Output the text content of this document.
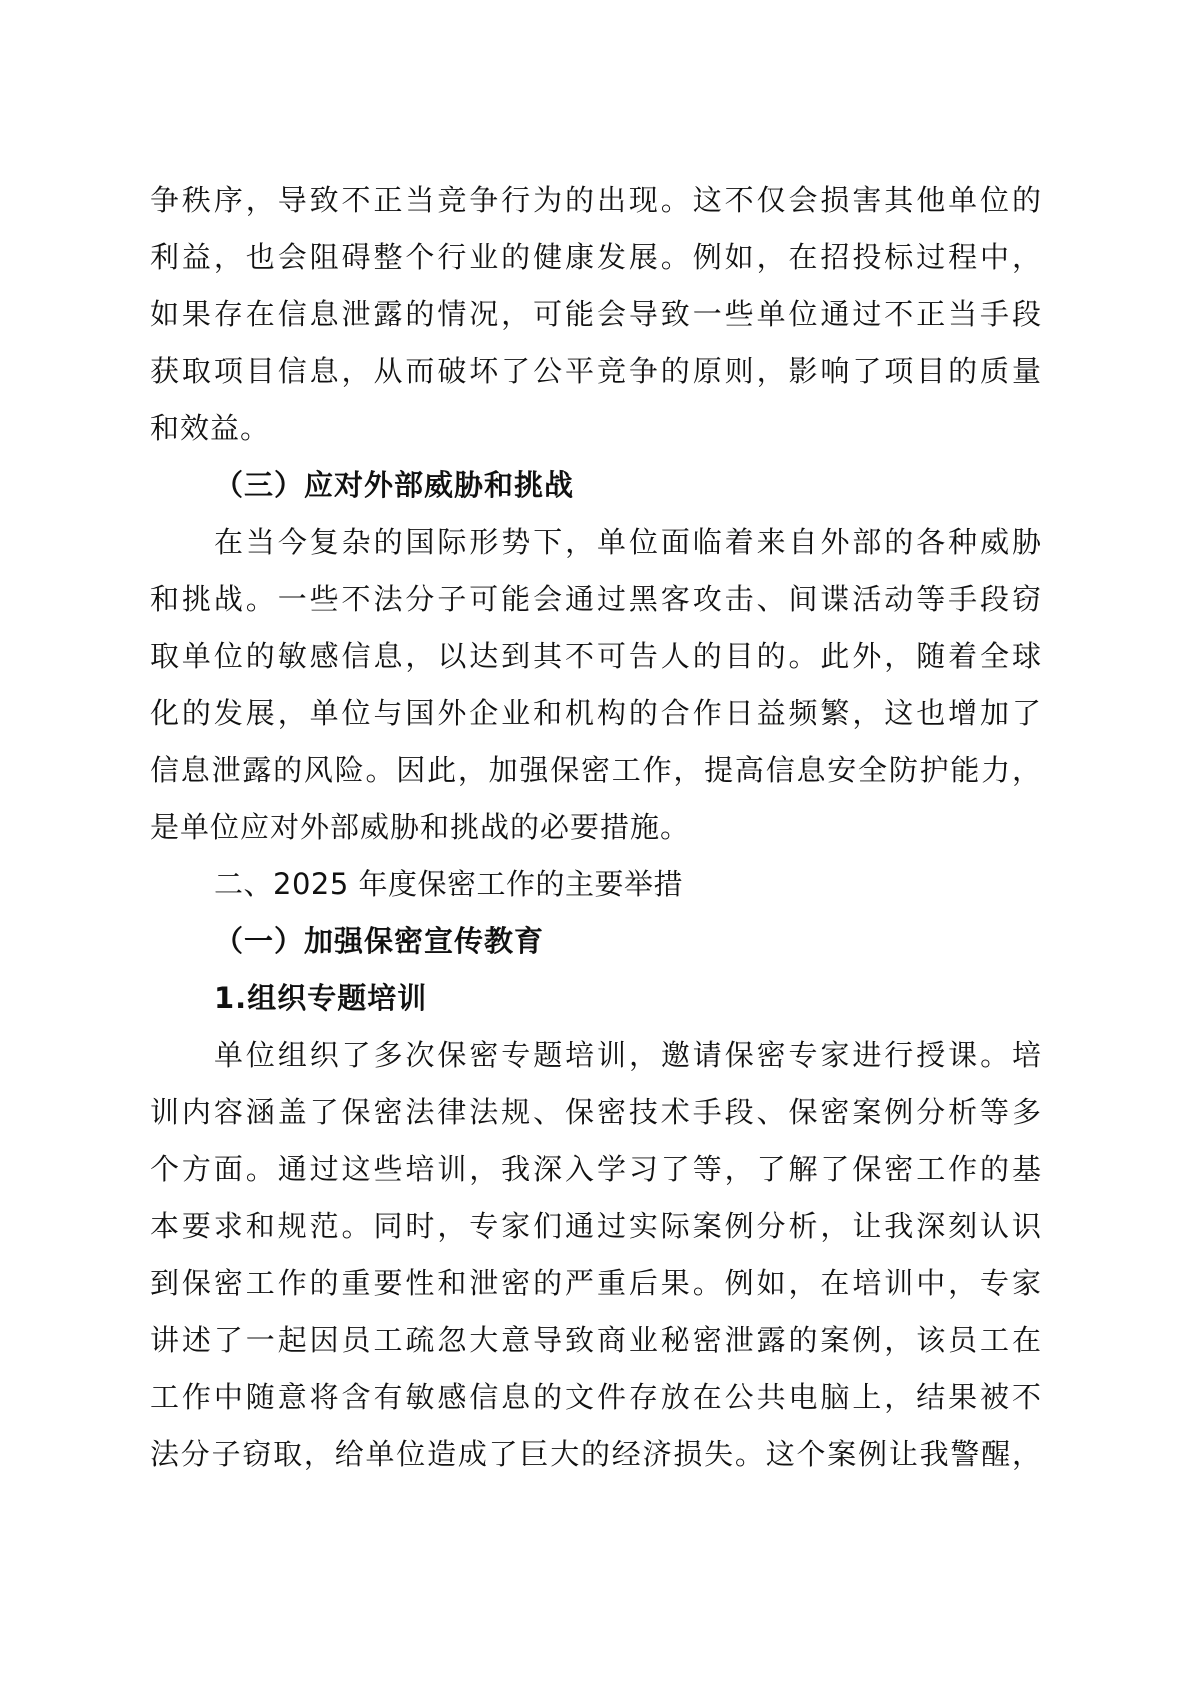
争秩序，导致不正当竞争行为的出现。这不仅会损害其他单位的
利益，也会阻碍整个行业的健康发展。例如，在招投标过程中，
如果存在信息泄露的情况，可能会导致一些单位通过不正当手段
获取项目信息，从而破坏了公平竞争的原则，影响了项目的质量
和效益。
（三）应对外部威胁和挑战
在当今复杂的国际形势下，单位面临着来自外部的各种威胁
和挑战。一些不法分子可能会通过黑客攻击、间谍活动等手段窃
取单位的敏感信息，以达到其不可告人的目的。此外，随着全球
化的发展，单位与国外企业和机构的合作日益频繁，这也增加了
信息泄露的风险。因此，加强保密工作，提高信息安全防护能力，
是单位应对外部威胁和挑战的必要措施。
二、2025 年度保密工作的主要举措
（一）加强保密宣传教育
1.组织专题培训
单位组织了多次保密专题培训，邀请保密专家进行授课。培
训内容涵盖了保密法律法规、保密技术手段、保密案例分析等多
个方面。通过这些培训，我深入学习了等，了解了保密工作的基
本要求和规范。同时，专家们通过实际案例分析，让我深刻认识
到保密工作的重要性和泄密的严重后果。例如，在培训中，专家
讲述了一起因员工疏忽大意导致商业秘密泄露的案例，该员工在
工作中随意将含有敏感信息的文件存放在公共电脑上，结果被不
法分子窃取，给单位造成了巨大的经济损失。这个案例让我警醒，
